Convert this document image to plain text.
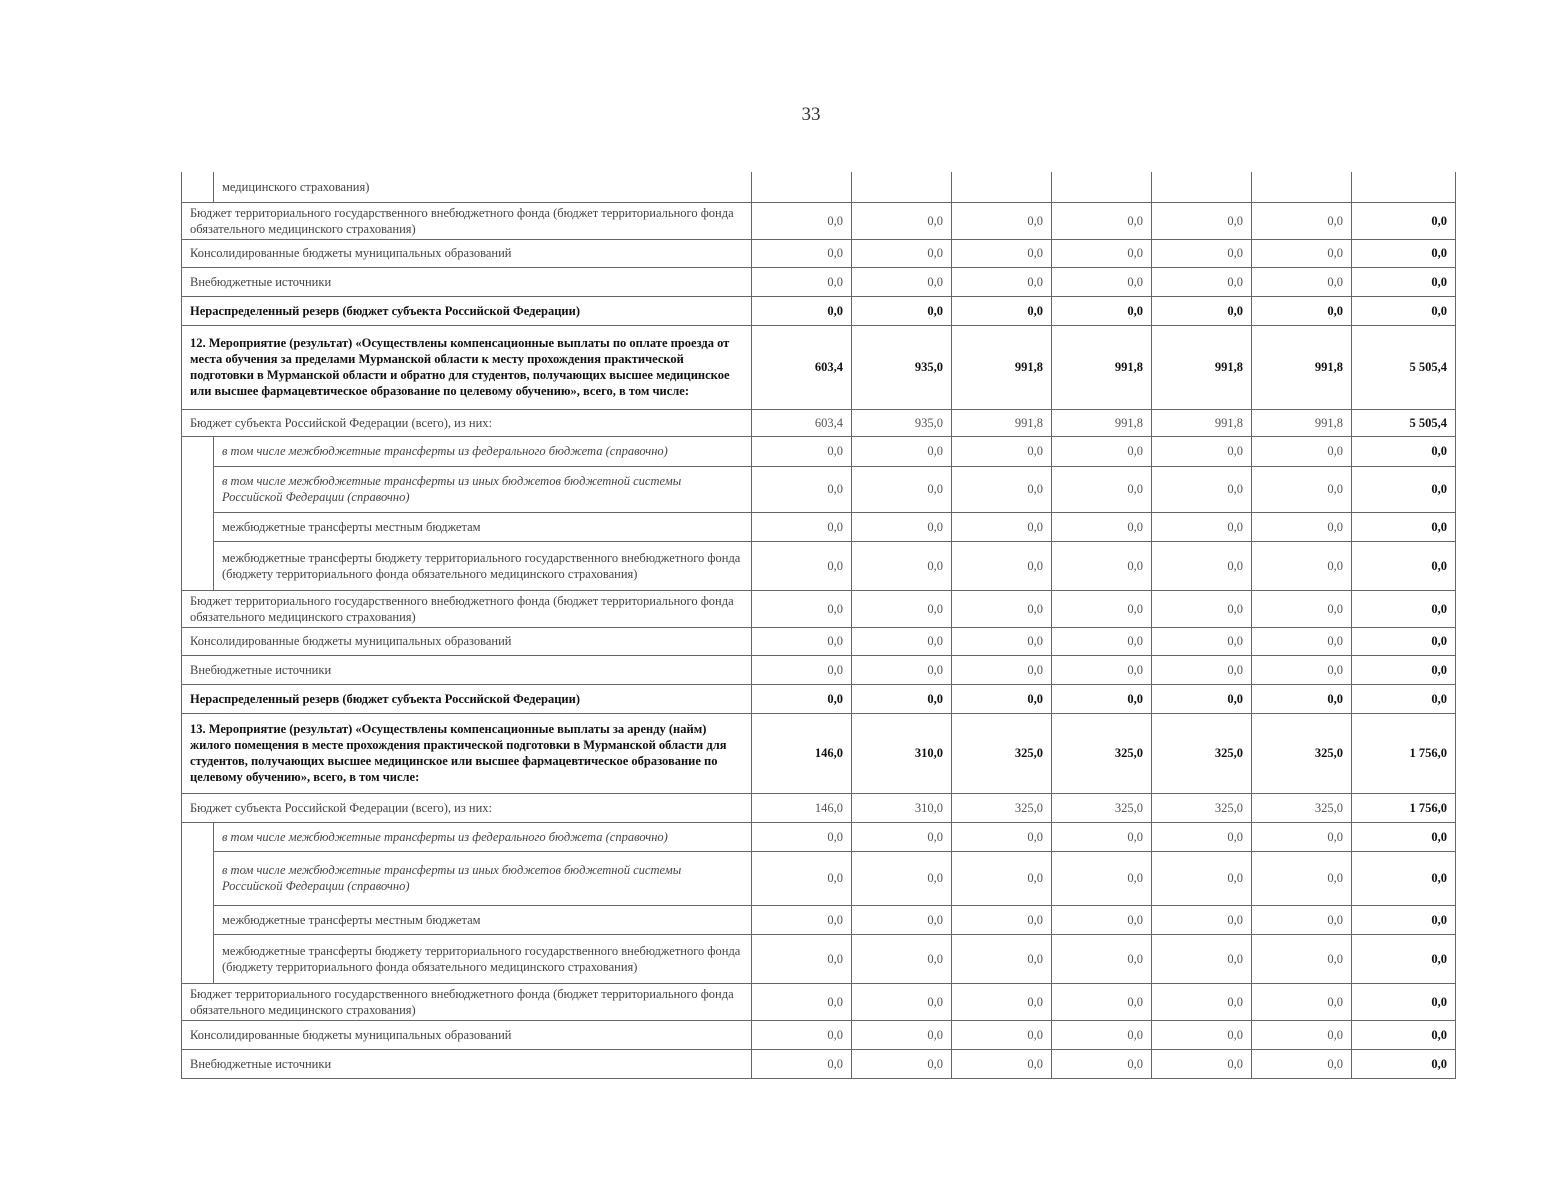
33
	медицинского страхования)							
Бюджет территориального государственного внебюджетного фонда (бюджет территориального фонда обязательного медицинского страхования)		0,0	0,0	0,0	0,0	0,0	0,0	0,0
Консолидированные бюджеты муниципальных образований		0,0	0,0	0,0	0,0	0,0	0,0	0,0
Внебюджетные источники		0,0	0,0	0,0	0,0	0,0	0,0	0,0
Нераспределенный резерв (бюджет субъекта Российской Федерации)		0,0	0,0	0,0	0,0	0,0	0,0	0,0
12. Мероприятие (результат) «Осуществлены компенсационные выплаты по оплате проезда от места обучения за пределами Мурманской области к месту прохождения практической подготовки в Мурманской области и обратно для студентов, получающих высшее медицинское или высшее фармацевтическое образование по целевому обучению», всего, в том числе:		603,4	935,0	991,8	991,8	991,8	991,8	5 505,4
Бюджет субъекта Российской Федерации (всего), из них:		603,4	935,0	991,8	991,8	991,8	991,8	5 505,4
	в том числе межбюджетные трансферты из федерального бюджета (справочно)	0,0	0,0	0,0	0,0	0,0	0,0	0,0
	в том числе межбюджетные трансферты из иных бюджетов бюджетной системы Российской Федерации (справочно)	0,0	0,0	0,0	0,0	0,0	0,0	0,0
	межбюджетные трансферты местным бюджетам	0,0	0,0	0,0	0,0	0,0	0,0	0,0
	межбюджетные трансферты бюджету территориального государственного внебюджетного фонда (бюджету территориального фонда обязательного медицинского страхования)	0,0	0,0	0,0	0,0	0,0	0,0	0,0
Бюджет территориального государственного внебюджетного фонда (бюджет территориального фонда обязательного медицинского страхования)		0,0	0,0	0,0	0,0	0,0	0,0	0,0
Консолидированные бюджеты муниципальных образований		0,0	0,0	0,0	0,0	0,0	0,0	0,0
Внебюджетные источники		0,0	0,0	0,0	0,0	0,0	0,0	0,0
Нераспределенный резерв (бюджет субъекта Российской Федерации)		0,0	0,0	0,0	0,0	0,0	0,0	0,0
13. Мероприятие (результат) «Осуществлены компенсационные выплаты за аренду (найм) жилого помещения в месте прохождения практической подготовки в Мурманской области для студентов, получающих высшее медицинское или высшее фармацевтическое образование по целевому обучению», всего, в том числе:		146,0	310,0	325,0	325,0	325,0	325,0	1 756,0
Бюджет субъекта Российской Федерации (всего), из них:		146,0	310,0	325,0	325,0	325,0	325,0	1 756,0
	в том числе межбюджетные трансферты из федерального бюджета (справочно)	0,0	0,0	0,0	0,0	0,0	0,0	0,0
	в том числе межбюджетные трансферты из иных бюджетов бюджетной системы Российской Федерации (справочно)	0,0	0,0	0,0	0,0	0,0	0,0	0,0
	межбюджетные трансферты местным бюджетам	0,0	0,0	0,0	0,0	0,0	0,0	0,0
	межбюджетные трансферты бюджету территориального государственного внебюджетного фонда (бюджету территориального фонда обязательного медицинского страхования)	0,0	0,0	0,0	0,0	0,0	0,0	0,0
Бюджет территориального государственного внебюджетного фонда (бюджет территориального фонда обязательного медицинского страхования)		0,0	0,0	0,0	0,0	0,0	0,0	0,0
Консолидированные бюджеты муниципальных образований		0,0	0,0	0,0	0,0	0,0	0,0	0,0
Внебюджетные источники		0,0	0,0	0,0	0,0	0,0	0,0	0,0
